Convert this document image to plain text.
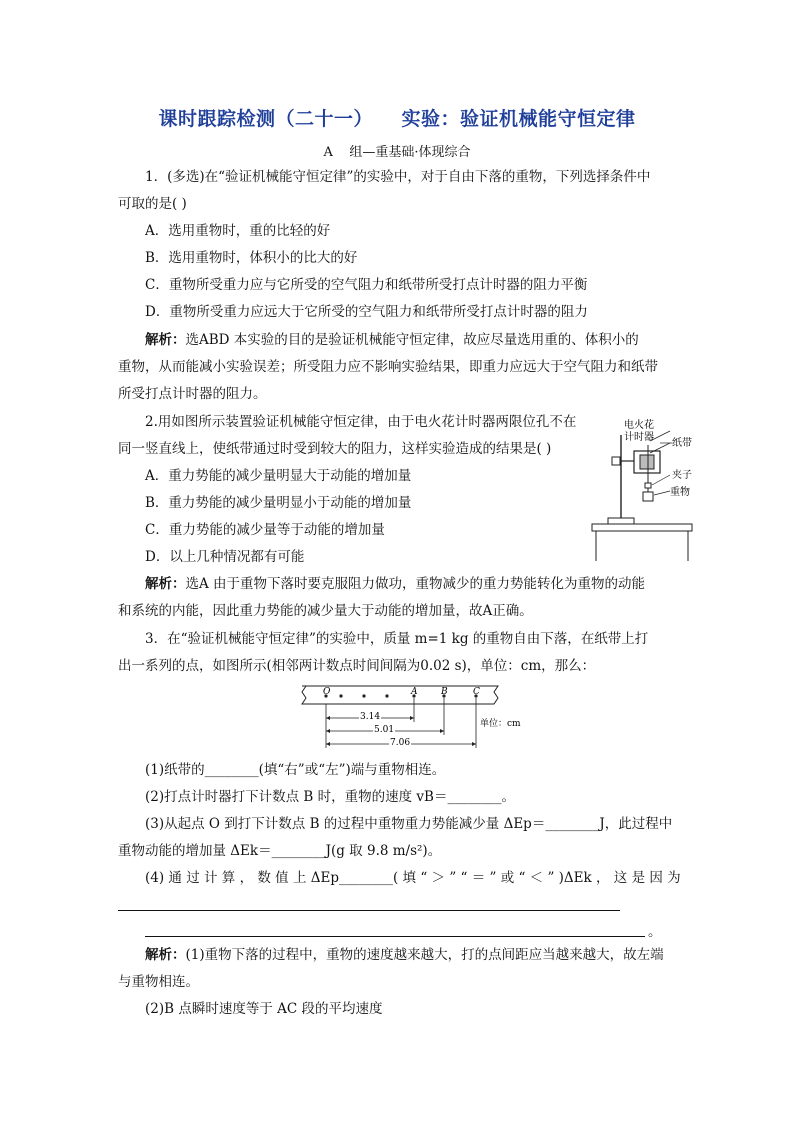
课时跟踪检测（二十一）    实验：验证机械能守恒定律
A    组—重基础·体现综合
1．(多选)在“验证机械能守恒定律”的实验中，对于自由下落的重物，下列选择条件中
可取的是( )
A．选用重物时，重的比轻的好
B．选用重物时，体积小的比大的好
C．重物所受重力应与它所受的空气阻力和纸带所受打点计时器的阻力平衡
D．重物所受重力应远大于它所受的空气阻力和纸带所受打点计时器的阻力
解析：选ABD 本实验的目的是验证机械能守恒定律，故应尽量选用重的、体积小的
重物，从而能减小实验误差；所受阻力应不影响实验结果，即重力应远大于空气阻力和纸带
所受打点计时器的阻力。
2.用如图所示装置验证机械能守恒定律，由于电火花计时器两限位孔不在
同一竖直线上，使纸带通过时受到较大的阻力，这样实验造成的结果是( )
A．重力势能的减少量明显大于动能的增加量
B．重力势能的减少量明显小于动能的增加量
C．重力势能的减少量等于动能的增加量
D．以上几种情况都有可能
电火花
计时器
纸带
夹子
重物
解析：选A 由于重物下落时要克服阻力做功，重物减少的重力势能转化为重物的动能
和系统的内能，因此重力势能的减少量大于动能的增加量，故A正确。
3．在“验证机械能守恒定律”的实验中，质量 m=1 kg 的重物自由下落，在纸带上打
出一系列的点，如图所示(相邻两计数点时间间隔为0.02 s)，单位：cm，那么：
O	A	B	C
3.14
5.01
7.06
单位：cm
(1)纸带的________(填“右”或“左”)端与重物相连。
(2)打点计时器打下计数点 B 时，重物的速度 vB＝________。
(3)从起点 O 到打下计数点 B 的过程中重物重力势能减少量 ΔEp＝________J，此过程中
重物动能的增加量 ΔEk＝________J(g 取 9.8 m/s²)。
(4) 通 过 计 算 ， 数 值 上 ΔEp________( 填 “ ＞ ” “ ＝ ” 或 “ ＜ ” )ΔEk ， 这 是 因 为
。
解析：(1)重物下落的过程中，重物的速度越来越大，打的点间距应当越来越大，故左端
与重物相连。
(2)B 点瞬时速度等于 AC 段的平均速度
